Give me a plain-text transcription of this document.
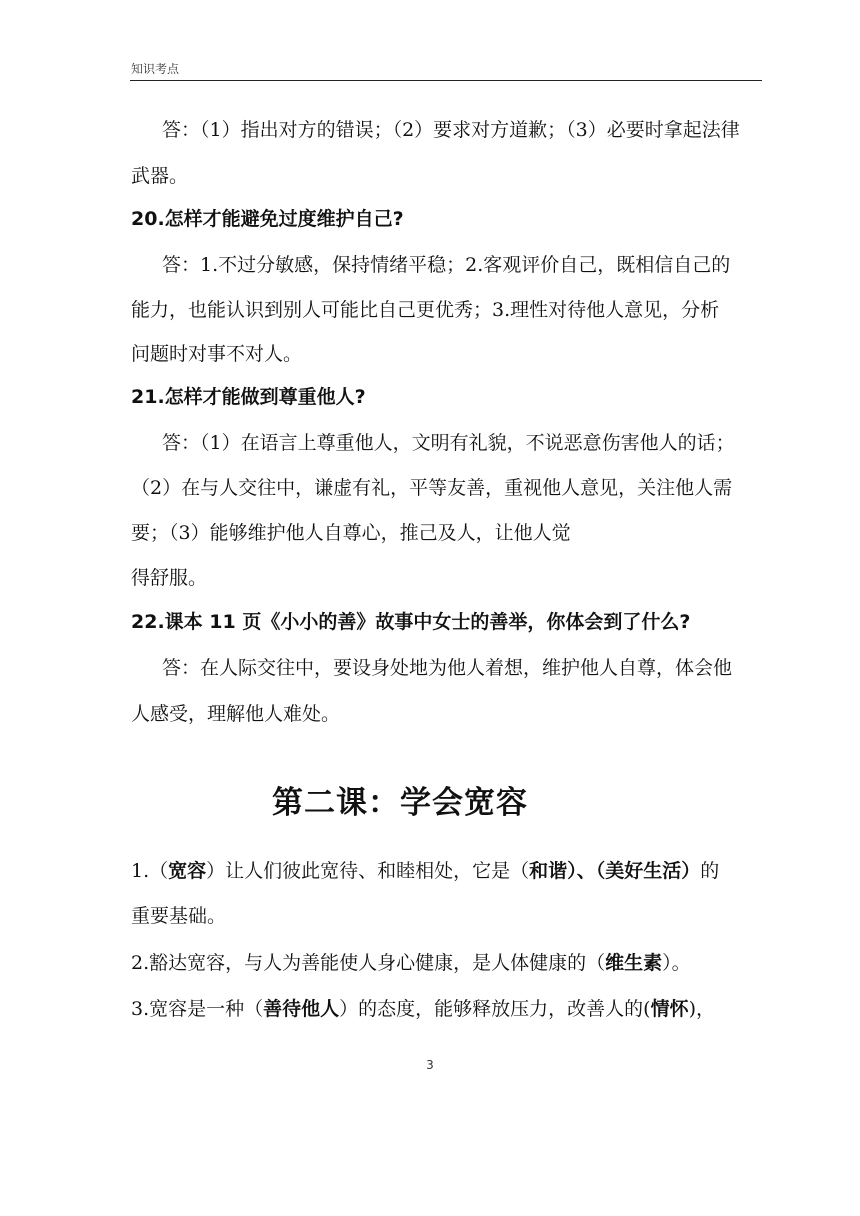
知识考点
答：（1）指出对方的错误；（2）要求对方道歉；（3）必要时拿起法律
武器。
20.怎样才能避免过度维护自己?
答：1.不过分敏感，保持情绪平稳；2.客观评价自己，既相信自己的
能力，也能认识到别人可能比自己更优秀；3.理性对待他人意见，分析
问题时对事不对人。
21.怎样才能做到尊重他人?
答：（1）在语言上尊重他人，文明有礼貌，不说恶意伤害他人的话；
（2）在与人交往中，谦虚有礼，平等友善，重视他人意见，关注他人需
要；（3）能够维护他人自尊心，推己及人，让他人觉
得舒服。
22.课本 11 页《小小的善》故事中女士的善举，你体会到了什么?
答：在人际交往中，要设身处地为他人着想，维护他人自尊，体会他
人感受，理解他人难处。
第二课：学会宽容
1.（宽容）让人们彼此宽待、和睦相处，它是（和谐）、（美好生活）的
重要基础。
2.豁达宽容，与人为善能使人身心健康，是人体健康的（维生素）。
3.宽容是一种（善待他人）的态度，能够释放压力，改善人的(情怀)，
3
